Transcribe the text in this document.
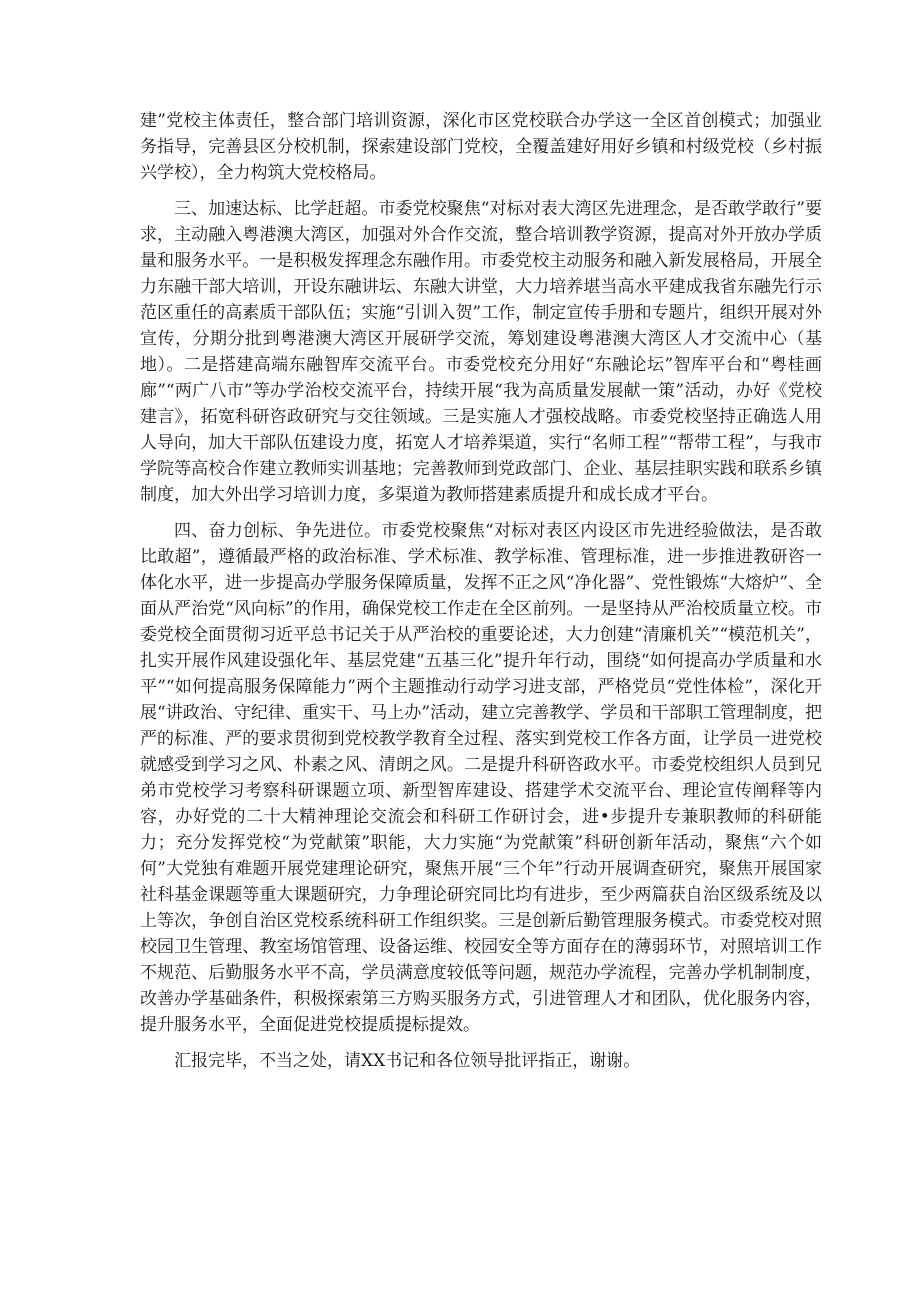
建”党校主体责任，整合部门培训资源，深化市区党校联合办学这一全区首创模式；加强业务指导，完善县区分校机制，探索建设部门党校，全覆盖建好用好乡镇和村级党校（乡村振兴学校），全力构筑大党校格局。

三、加速达标、比学赶超。市委党校聚焦“对标对表大湾区先进理念，是否敢学敢行”要求，主动融入粤港澳大湾区，加强对外合作交流，整合培训教学资源，提高对外开放办学质量和服务水平。一是积极发挥理念东融作用。市委党校主动服务和融入新发展格局，开展全力东融干部大培训，开设东融讲坛、东融大讲堂，大力培养堪当高水平建成我省东融先行示范区重任的高素质干部队伍；实施“引训入贺”工作，制定宣传手册和专题片，组织开展对外宣传，分期分批到粤港澳大湾区开展研学交流，筹划建设粤港澳大湾区人才交流中心（基地）。二是搭建高端东融智库交流平台。市委党校充分用好“东融论坛”智库平台和“粤桂画廊”“两广八市”等办学治校交流平台，持续开展“我为高质量发展献一策”活动，办好《党校建言》，拓宽科研咨政研究与交往领域。三是实施人才强校战略。市委党校坚持正确选人用人导向，加大干部队伍建设力度，拓宽人才培养渠道，实行“名师工程”“帮带工程”，与我市学院等高校合作建立教师实训基地；完善教师到党政部门、企业、基层挂职实践和联系乡镇制度，加大外出学习培训力度，多渠道为教师搭建素质提升和成长成才平台。

四、奋力创标、争先进位。市委党校聚焦“对标对表区内设区市先进经验做法，是否敢比敢超”，遵循最严格的政治标准、学术标准、教学标准、管理标准，进一步推进教研咨一体化水平，进一步提高办学服务保障质量，发挥不正之风“净化器”、党性锻炼“大熔炉”、全面从严治党“风向标”的作用，确保党校工作走在全区前列。一是坚持从严治校质量立校。市委党校全面贯彻习近平总书记关于从严治校的重要论述，大力创建“清廉机关”“模范机关”，扎实开展作风建设强化年、基层党建“五基三化”提升年行动，围绕“如何提高办学质量和水平”“如何提高服务保障能力”两个主题推动行动学习进支部，严格党员“党性体检”，深化开展“讲政治、守纪律、重实干、马上办”活动，建立完善教学、学员和干部职工管理制度，把严的标准、严的要求贯彻到党校教学教育全过程、落实到党校工作各方面，让学员一进党校就感受到学习之风、朴素之风、清朗之风。二是提升科研咨政水平。市委党校组织人员到兄弟市党校学习考察科研课题立项、新型智库建设、搭建学术交流平台、理论宣传阐释等内容，办好党的二十大精神理论交流会和科研工作研讨会，进•步提升专兼职教师的科研能力；充分发挥党校“为党献策”职能，大力实施“为党献策”科研创新年活动，聚焦“六个如何”大党独有难题开展党建理论研究，聚焦开展“三个年”行动开展调查研究，聚焦开展国家社科基金课题等重大课题研究，力争理论研究同比均有进步，至少两篇获自治区级系统及以上等次，争创自治区党校系统科研工作组织奖。三是创新后勤管理服务模式。市委党校对照校园卫生管理、教室场馆管理、设备运维、校园安全等方面存在的薄弱环节，对照培训工作不规范、后勤服务水平不高，学员满意度较低等问题，规范办学流程，完善办学机制制度，改善办学基础条件，积极探索第三方购买服务方式，引进管理人才和团队，优化服务内容，提升服务水平，全面促进党校提质提标提效。

汇报完毕，不当之处，请XX书记和各位领导批评指正，谢谢。
